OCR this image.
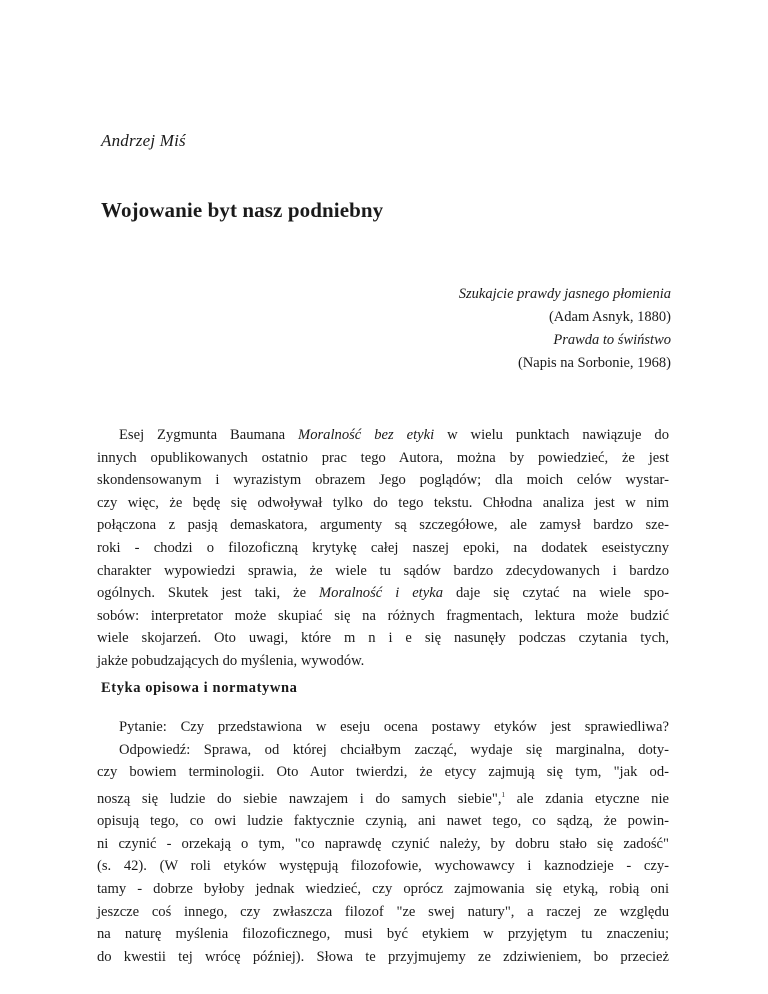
Andrzej Miś
Wojowanie byt nasz podniebny
Szukajcie prawdy jasnego płomienia
(Adam Asnyk, 1880)
Prawda to świństwo
(Napis na Sorbonie, 1968)
Esej Zygmunta Baumana Moralność bez etyki w wielu punktach nawiązuje do
innych opublikowanych ostatnio prac tego Autora, można by powiedzieć, że jest
skondensowanym i wyrazistym obrazem Jego poglądów; dla moich celów wystar-
czy więc, że będę się odwoływał tylko do tego tekstu. Chłodna analiza jest w nim
połączona z pasją demaskatora, argumenty są szczegółowe, ale zamysł bardzo sze-
roki - chodzi o filozoficzną krytykę całej naszej epoki, na dodatek eseistyczny
charakter wypowiedzi sprawia, że wiele tu sądów bardzo zdecydowanych i bardzo
ogólnych. Skutek jest taki, że Moralność i etyka daje się czytać na wiele spo-
sobów: interpretator może skupiać się na różnych fragmentach, lektura może budzić
wiele skojarzeń. Oto uwagi, które m n i e się nasunęły podczas czytania tych,
jakże pobudzających do myślenia, wywodów.
Etyka opisowa i normatywna
Pytanie: Czy przedstawiona w eseju ocena postawy etyków jest sprawiedliwa?
Odpowiedź: Sprawa, od której chciałbym zacząć, wydaje się marginalna, doty-
czy bowiem terminologii. Oto Autor twierdzi, że etycy zajmują się tym, "jak od-
noszą się ludzie do siebie nawzajem i do samych siebie",$^1$ ale zdania etyczne nie
opisują tego, co owi ludzie faktycznie czynią, ani nawet tego, co sądzą, że powin-
ni czynić - orzekają o tym, "co naprawdę czynić należy, by dobru stało się zadość"
(s. 42). (W roli etyków występują filozofowie, wychowawcy i kaznodzieje - czy-
tamy - dobrze byłoby jednak wiedzieć, czy oprócz zajmowania się etyką, robią oni
jeszcze coś innego, czy zwłaszcza filozof "ze swej natury", a raczej ze względu
na naturę myślenia filozoficznego, musi być etykiem w przyjętym tu znaczeniu;
do kwestii tej wrócę później). Słowa te przyjmujemy ze zdziwieniem, bo przecież
